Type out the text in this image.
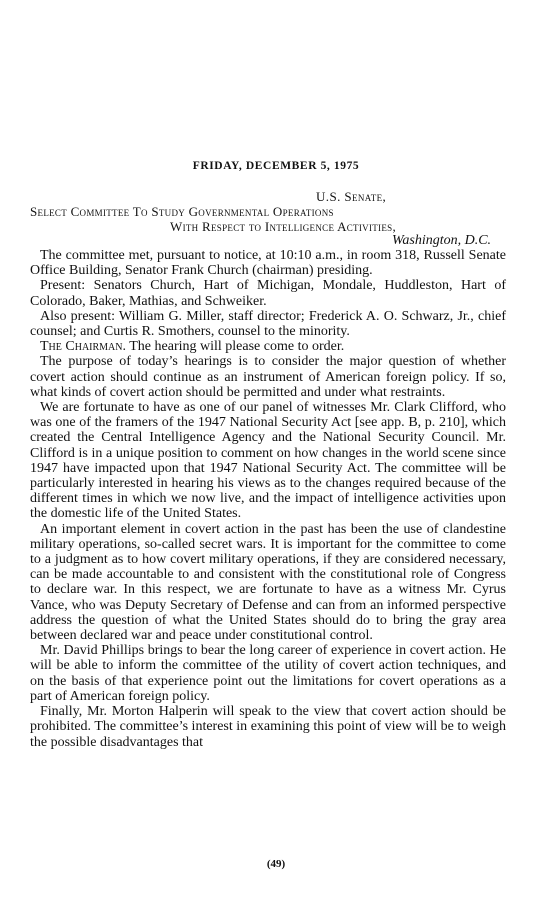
FRIDAY, DECEMBER 5, 1975
U.S. Senate,
Select Committee To Study Governmental Operations
With Respect to Intelligence Activities,
Washington, D.C.

The committee met, pursuant to notice, at 10:10 a.m., in room 318, Russell Senate Office Building, Senator Frank Church (chairman) presiding.

Present: Senators Church, Hart of Michigan, Mondale, Huddleston, Hart of Colorado, Baker, Mathias, and Schweiker.

Also present: William G. Miller, staff director; Frederick A. O. Schwarz, Jr., chief counsel; and Curtis R. Smothers, counsel to the minority.

The Chairman. The hearing will please come to order.

The purpose of today’s hearings is to consider the major question of whether covert action should continue as an instrument of American foreign policy. If so, what kinds of covert action should be permitted and under what restraints.

We are fortunate to have as one of our panel of witnesses Mr. Clark Clifford, who was one of the framers of the 1947 National Security Act [see app. B, p. 210], which created the Central Intelligence Agency and the National Security Council. Mr. Clifford is in a unique position to comment on how changes in the world scene since 1947 have impacted upon that 1947 National Security Act. The committee will be particularly interested in hearing his views as to the changes required because of the different times in which we now live, and the impact of intelligence activities upon the domestic life of the United States.

An important element in covert action in the past has been the use of clandestine military operations, so-called secret wars. It is important for the committee to come to a judgment as to how covert military operations, if they are considered necessary, can be made accountable to and consistent with the constitutional role of Congress to declare war. In this respect, we are fortunate to have as a witness Mr. Cyrus Vance, who was Deputy Secretary of Defense and can from an informed perspective address the question of what the United States should do to bring the gray area between declared war and peace under constitutional control.

Mr. David Phillips brings to bear the long career of experience in covert action. He will be able to inform the committee of the utility of covert action techniques, and on the basis of that experience point out the limitations for covert operations as a part of American foreign policy.

Finally, Mr. Morton Halperin will speak to the view that covert action should be prohibited. The committee’s interest in examining this point of view will be to weigh the possible disadvantages that

(49)
